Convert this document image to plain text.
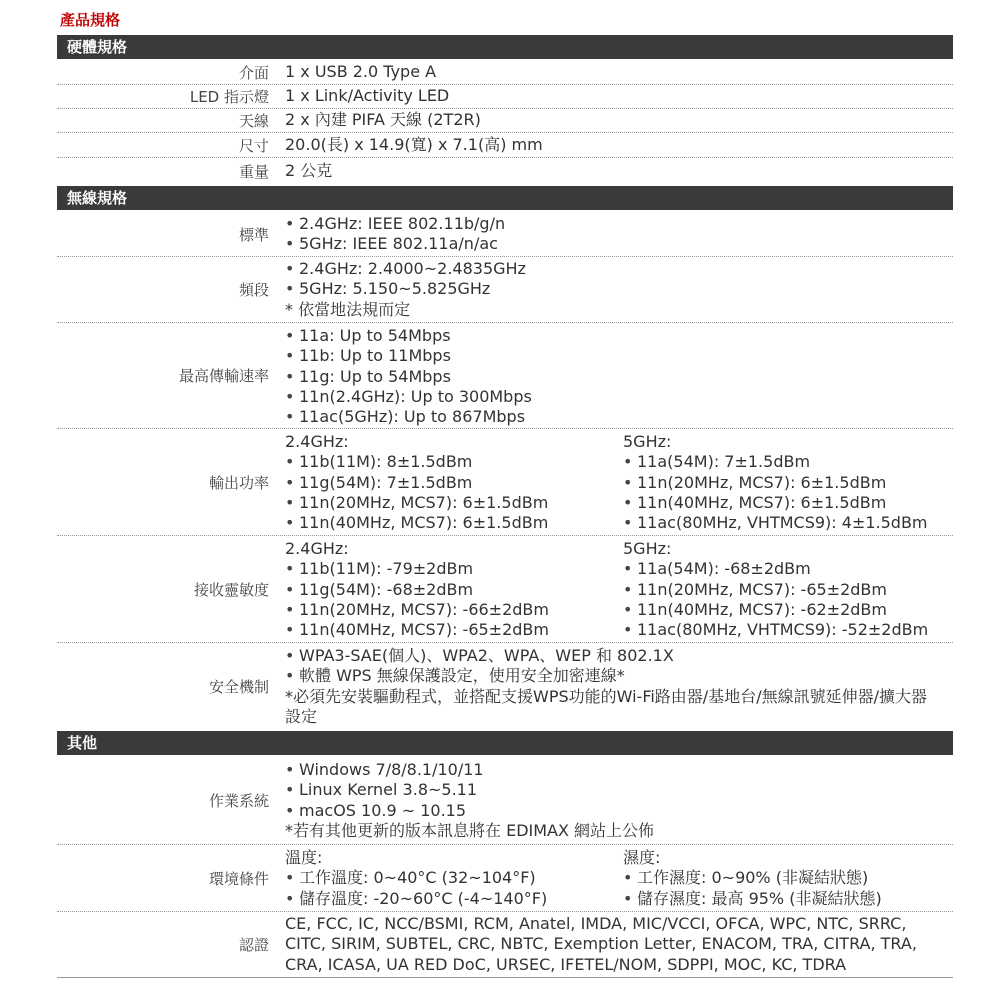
產品規格
硬體規格
介面 1 x USB 2.0 Type A
LED 指示燈 1 x Link/Activity LED
天線 2 x 內建 PIFA 天線 (2T2R)
尺寸 20.0(長) x 14.9(寬) x 7.1(高) mm
重量 2 公克
無線規格
標準
• 2.4GHz: IEEE 802.11b/g/n
• 5GHz: IEEE 802.11a/n/ac
頻段
• 2.4GHz: 2.4000~2.4835GHz
• 5GHz: 5.150~5.825GHz
* 依當地法規而定
最高傳輸速率
• 11a: Up to 54Mbps
• 11b: Up to 11Mbps
• 11g: Up to 54Mbps
• 11n(2.4GHz): Up to 300Mbps
• 11ac(5GHz): Up to 867Mbps
輸出功率
2.4GHz:
• 11b(11M): 8±1.5dBm
• 11g(54M): 7±1.5dBm
• 11n(20MHz, MCS7): 6±1.5dBm
• 11n(40MHz, MCS7): 6±1.5dBm
5GHz:
• 11a(54M): 7±1.5dBm
• 11n(20MHz, MCS7): 6±1.5dBm
• 11n(40MHz, MCS7): 6±1.5dBm
• 11ac(80MHz, VHTMCS9): 4±1.5dBm
接收靈敏度
2.4GHz:
• 11b(11M): -79±2dBm
• 11g(54M): -68±2dBm
• 11n(20MHz, MCS7): -66±2dBm
• 11n(40MHz, MCS7): -65±2dBm
5GHz:
• 11a(54M): -68±2dBm
• 11n(20MHz, MCS7): -65±2dBm
• 11n(40MHz, MCS7): -62±2dBm
• 11ac(80MHz, VHTMCS9): -52±2dBm
安全機制
• WPA3-SAE(個人)、WPA2、WPA、WEP 和 802.1X
• 軟體 WPS 無線保護設定，使用安全加密連線*
*必須先安裝驅動程式，並搭配支援WPS功能的Wi-Fi路由器/基地台/無線訊號延伸器/擴大器設定
其他
作業系統
• Windows 7/8/8.1/10/11
• Linux Kernel 3.8~5.11
• macOS 10.9 ~ 10.15
*若有其他更新的版本訊息將在 EDIMAX 網站上公佈
環境條件
溫度:
• 工作溫度: 0~40°C (32~104°F)
• 儲存溫度: -20~60°C (-4~140°F)
濕度:
• 工作濕度: 0~90% (非凝結狀態)
• 儲存濕度: 最高 95% (非凝結狀態)
認證
CE, FCC, IC, NCC/BSMI, RCM, Anatel, IMDA, MIC/VCCI, OFCA, WPC, NTC, SRRC, CITC, SIRIM, SUBTEL, CRC, NBTC, Exemption Letter, ENACOM, TRA, CITRA, TRA, CRA, ICASA, UA RED DoC, URSEC, IFETEL/NOM, SDPPI, MOC, KC, TDRA
